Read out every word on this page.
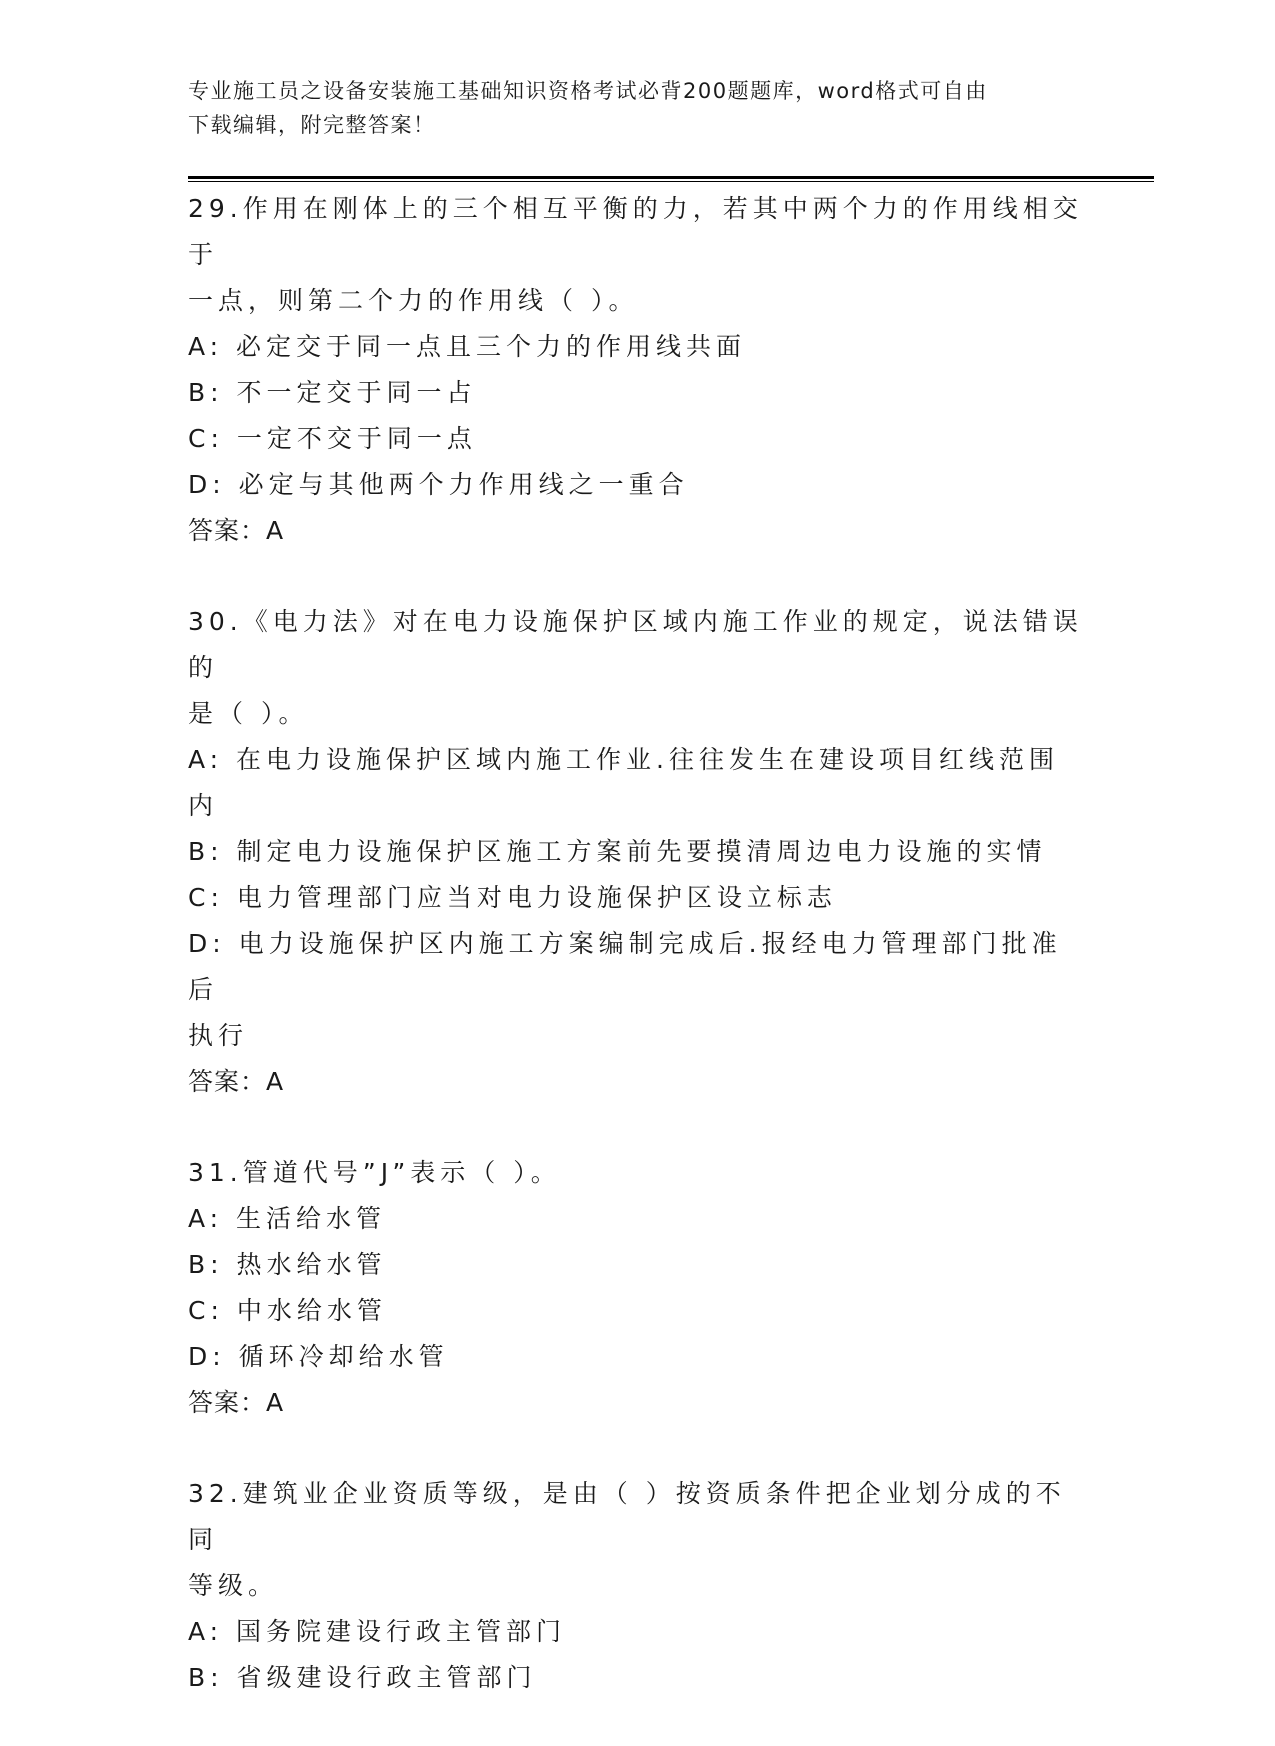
专业施工员之设备安装施工基础知识资格考试必背200题题库，word格式可自由
下载编辑，附完整答案！
29.作用在刚体上的三个相互平衡的力，若其中两个力的作用线相交于
一点，则第二个力的作用线（ ）。
A: 必定交于同一点且三个力的作用线共面
B: 不一定交于同一占
C: 一定不交于同一点
D: 必定与其他两个力作用线之一重合
答案：A
30.《电力法》对在电力设施保护区域内施工作业的规定，说法错误的
是（ ）。
A: 在电力设施保护区域内施工作业.往往发生在建设项目红线范围内
B: 制定电力设施保护区施工方案前先要摸清周边电力设施的实情
C: 电力管理部门应当对电力设施保护区设立标志
D: 电力设施保护区内施工方案编制完成后.报经电力管理部门批准后
执行
答案：A
31.管道代号”J”表示（ ）。
A: 生活给水管
B: 热水给水管
C: 中水给水管
D: 循环冷却给水管
答案：A
32.建筑业企业资质等级，是由（ ）按资质条件把企业划分成的不同
等级。
A: 国务院建设行政主管部门
B: 省级建设行政主管部门
